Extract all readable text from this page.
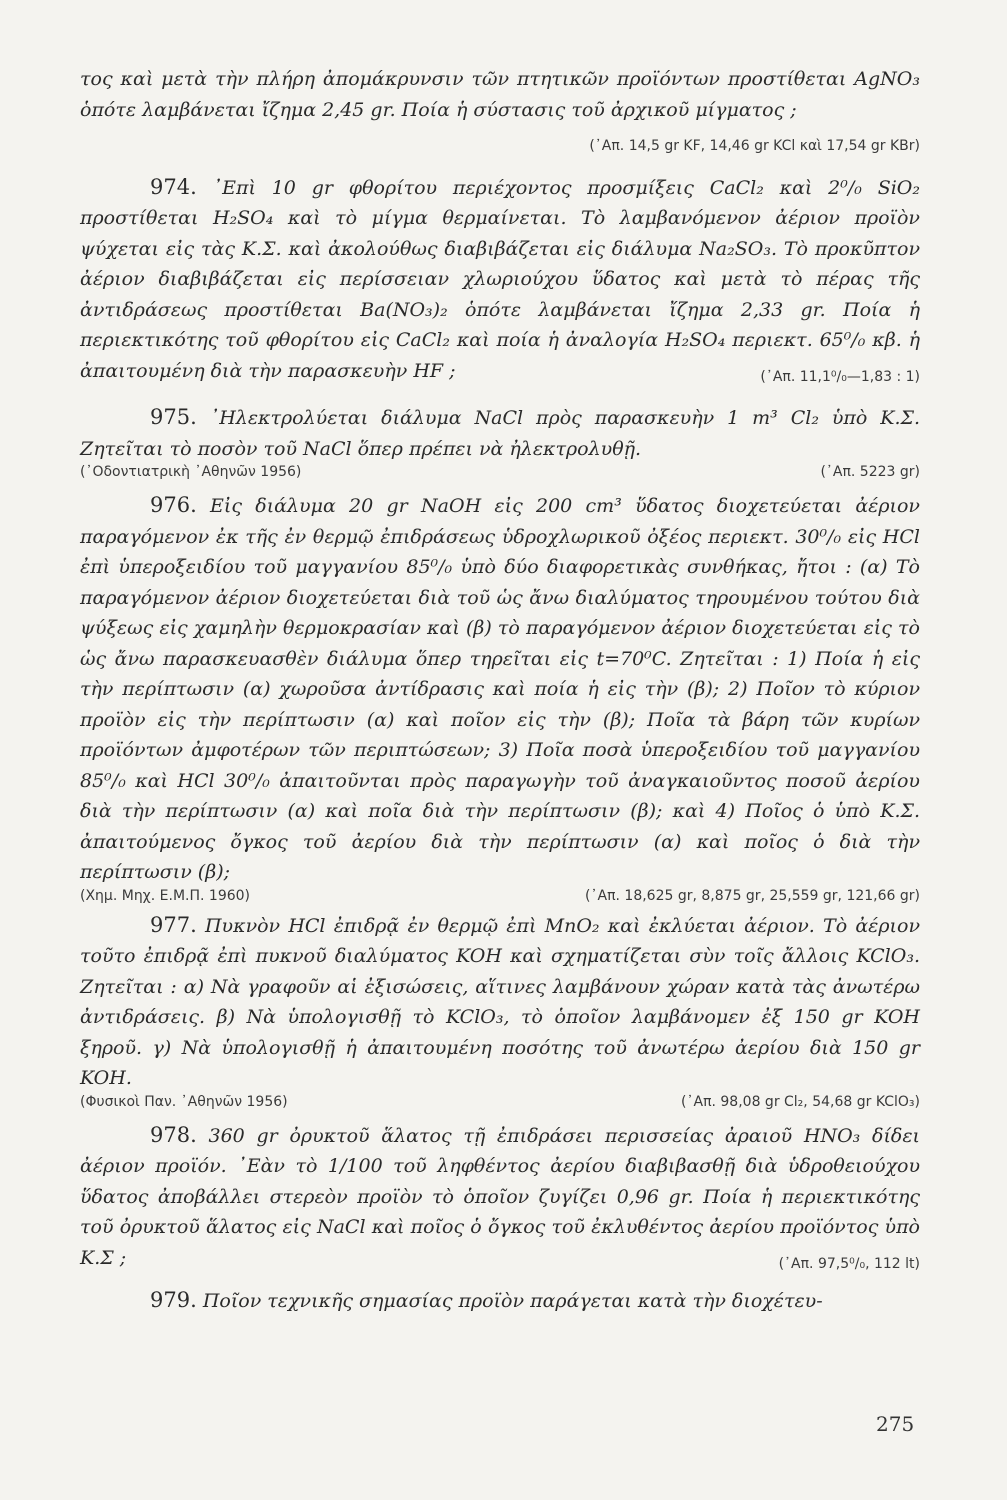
τος καὶ μετὰ τὴν πλήρη ἀπομάκρυνσιν τῶν πτητικῶν προϊόντων προστίθεται AgNO₃ ὁπότε λαμβάνεται ἴζημα 2,45 gr. Ποία ἡ σύστασις τοῦ ἀρχικοῦ μίγματος ;
(᾿Απ. 14,5 gr KF, 14,46 gr KCl καὶ 17,54 gr KBr)

974. ᾿Επὶ 10 gr φθορίτου περιέχοντος προσμίξεις CaCl₂ καὶ 2⁰/₀ SiO₂ προστίθεται H₂SO₄ καὶ τὸ μίγμα θερμαίνεται. Τὸ λαμβανόμενον ἀέριον προϊὸν ψύχεται εἰς τὰς Κ.Σ. καὶ ἀκολούθως διαβιβάζεται εἰς διάλυμα Na₂SO₃. Τὸ προκῦπτον ἀέριον διαβιβάζεται εἰς περίσσειαν χλωριούχου ὕδατος καὶ μετὰ τὸ πέρας τῆς ἀντιδράσεως προστίθεται Ba(NO₃)₂ ὁπότε λαμβάνεται ἴζημα 2,33 gr. Ποία ἡ περιεκτικότης τοῦ φθορίτου εἰς CaCl₂ καὶ ποία ἡ ἀναλογία H₂SO₄ περιεκτ. 65⁰/₀ κβ. ἡ ἀπαιτουμένη διὰ τὴν παρασκευὴν HF ;	(᾿Απ. 11,1⁰/₀—1,83 : 1)

975. ᾿Ηλεκτρολύεται διάλυμα NaCl πρὸς παρασκευὴν 1 m³ Cl₂ ὑπὸ Κ.Σ. Ζητεῖται τὸ ποσὸν τοῦ NaCl ὅπερ πρέπει νὰ ἠλεκτρολυθῇ.

(᾿Οδοντιατρικὴ ᾿Αθηνῶν 1956)	(᾿Απ. 5223 gr)

976. Εἰς διάλυμα 20 gr NaOH εἰς 200 cm³ ὕδατος διοχετεύεται ἀέριον παραγόμενον ἐκ τῆς ἐν θερμῷ ἐπιδράσεως ὑδροχλωρικοῦ ὀξέος περιεκτ. 30⁰/₀ εἰς HCl ἐπὶ ὑπεροξειδίου τοῦ μαγγανίου 85⁰/₀ ὑπὸ δύο διαφορετικὰς συνθήκας, ἤτοι : (α) Τὸ παραγόμενον ἀέριον διοχετεύεται διὰ τοῦ ὡς ἄνω διαλύματος τηρουμένου τούτου διὰ ψύξεως εἰς χαμηλὴν θερμοκρασίαν καὶ (β) τὸ παραγόμενον ἀέριον διοχετεύεται εἰς τὸ ὡς ἄνω παρασκευασθὲν διάλυμα ὅπερ τηρεῖται εἰς t=70⁰C. Ζητεῖται : 1) Ποία ἡ εἰς τὴν περίπτωσιν (α) χωροῦσα ἀντίδρασις καὶ ποία ἡ εἰς τὴν (β); 2) Ποῖον τὸ κύριον προϊὸν εἰς τὴν περίπτωσιν (α) καὶ ποῖον εἰς τὴν (β); Ποῖα τὰ βάρη τῶν κυρίων προϊόντων ἀμφοτέρων τῶν περιπτώσεων; 3) Ποῖα ποσὰ ὑπεροξειδίου τοῦ μαγγανίου 85⁰/₀ καὶ HCl 30⁰/₀ ἀπαιτοῦνται πρὸς παραγωγὴν τοῦ ἀναγκαιοῦντος ποσοῦ ἀερίου διὰ τὴν περίπτωσιν (α) καὶ ποῖα διὰ τὴν περίπτωσιν (β); καὶ 4) Ποῖος ὁ ὑπὸ Κ.Σ. ἀπαιτούμενος ὄγκος τοῦ ἀερίου διὰ τὴν περίπτωσιν (α) καὶ ποῖος ὁ διὰ τὴν περίπτωσιν (β);

(Χημ. Μηχ. Ε.Μ.Π. 1960)	(᾿Απ. 18,625 gr, 8,875 gr, 25,559 gr, 121,66 gr)

977. Πυκνὸν HCl ἐπιδρᾷ ἐν θερμῷ ἐπὶ MnO₂ καὶ ἐκλύεται ἀέριον. Τὸ ἀέριον τοῦτο ἐπιδρᾷ ἐπὶ πυκνοῦ διαλύματος KOH καὶ σχηματίζεται σὺν τοῖς ἄλλοις KClO₃. Ζητεῖται : α) Νὰ γραφοῦν αἱ ἐξισώσεις, αἵτινες λαμβάνουν χώραν κατὰ τὰς ἀνωτέρω ἀντιδράσεις. β) Νὰ ὑπολογισθῇ τὸ KClO₃, τὸ ὁποῖον λαμβάνομεν ἐξ 150 gr KOH ξηροῦ. γ) Νὰ ὑπολογισθῇ ἡ ἀπαιτουμένη ποσότης τοῦ ἀνωτέρω ἀερίου διὰ 150 gr KOH.

(Φυσικοὶ Παν. ᾿Αθηνῶν 1956)	(᾿Απ. 98,08 gr Cl₂, 54,68 gr KClO₃)

978. 360 gr ὀρυκτοῦ ἅλατος τῇ ἐπιδράσει περισσείας ἀραιοῦ HNO₃ δίδει ἀέριον προϊόν. ᾿Εὰν τὸ 1/100 τοῦ ληφθέντος ἀερίου διαβιβασθῇ διὰ ὑδροθειούχου ὕδατος ἀποβάλλει στερεὸν προϊὸν τὸ ὁποῖον ζυγίζει 0,96 gr. Ποία ἡ περιεκτικότης τοῦ ὀρυκτοῦ ἅλατος εἰς NaCl καὶ ποῖος ὁ ὄγκος τοῦ ἐκλυθέντος ἀερίου προϊόντος ὑπὸ Κ.Σ ;	(᾿Απ. 97,5⁰/₀, 112 lt)

979. Ποῖον τεχνικῆς σημασίας προϊὸν παράγεται κατὰ τὴν διοχέτευ-

275
